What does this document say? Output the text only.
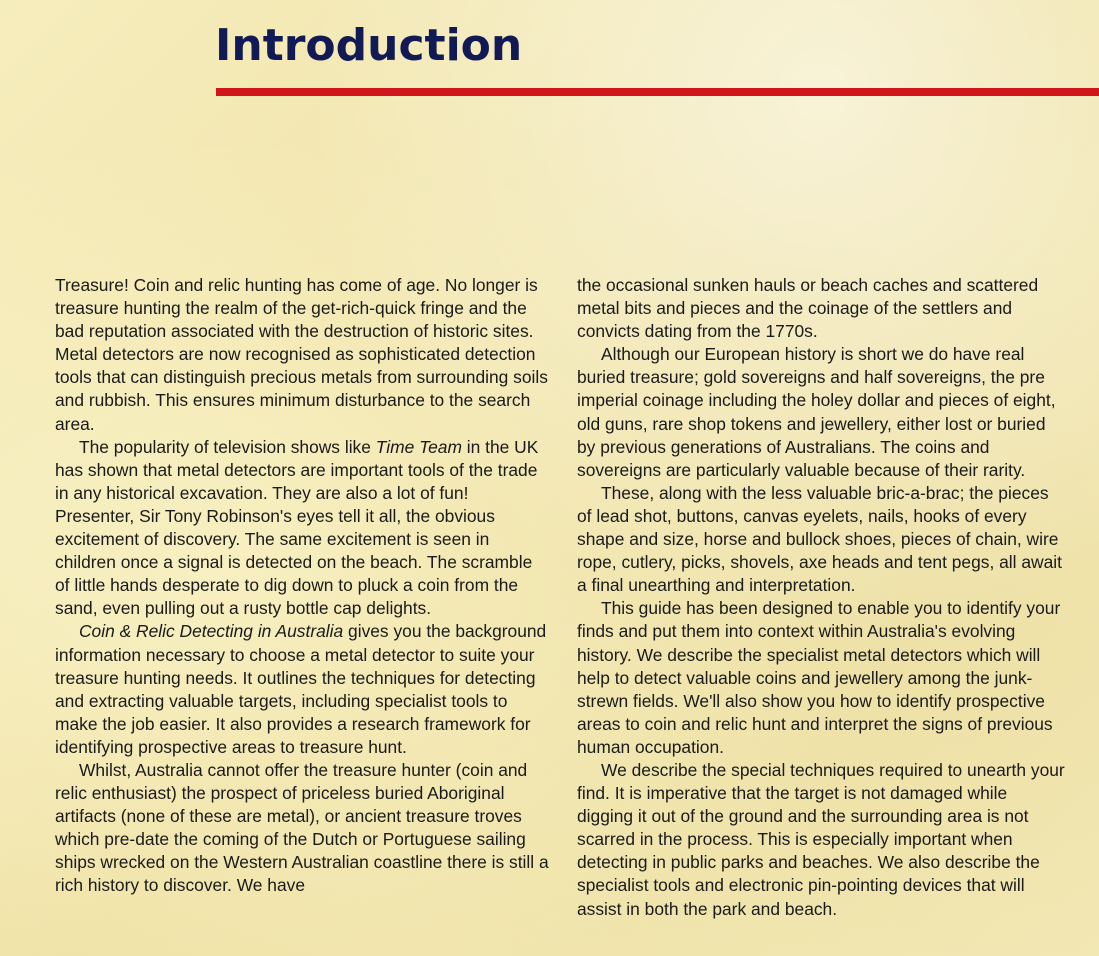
Introduction

Treasure! Coin and relic hunting has come of age. No longer is treasure hunting the realm of the get-rich-quick fringe and the bad reputation associated with the destruction of historic sites. Metal detectors are now recognised as sophisticated detection tools that can distinguish precious metals from surrounding soils and rubbish. This ensures minimum disturbance to the search area.

The popularity of television shows like Time Team in the UK has shown that metal detectors are important tools of the trade in any historical excavation. They are also a lot of fun! Presenter, Sir Tony Robinson's eyes tell it all, the obvious excitement of discovery. The same excitement is seen in children once a signal is detected on the beach. The scramble of little hands desperate to dig down to pluck a coin from the sand, even pulling out a rusty bottle cap delights.

Coin & Relic Detecting in Australia gives you the background information necessary to choose a metal detector to suite your treasure hunting needs. It outlines the techniques for detecting and extracting valuable targets, including specialist tools to make the job easier. It also provides a research framework for identifying prospective areas to treasure hunt.

Whilst, Australia cannot offer the treasure hunter (coin and relic enthusiast) the prospect of priceless buried Aboriginal artifacts (none of these are metal), or ancient treasure troves which pre-date the coming of the Dutch or Portuguese sailing ships wrecked on the Western Australian coastline there is still a rich history to discover. We have

the occasional sunken hauls or beach caches and scattered metal bits and pieces and the coinage of the settlers and convicts dating from the 1770s.

Although our European history is short we do have real buried treasure; gold sovereigns and half sovereigns, the pre imperial coinage including the holey dollar and pieces of eight, old guns, rare shop tokens and jewellery, either lost or buried by previous generations of Australians. The coins and sovereigns are particularly valuable because of their rarity.

These, along with the less valuable bric-a-brac; the pieces of lead shot, buttons, canvas eyelets, nails, hooks of every shape and size, horse and bullock shoes, pieces of chain, wire rope, cutlery, picks, shovels, axe heads and tent pegs, all await a final unearthing and interpretation.

This guide has been designed to enable you to identify your finds and put them into context within Australia's evolving history. We describe the specialist metal detectors which will help to detect valuable coins and jewellery among the junk-strewn fields. We'll also show you how to identify prospective areas to coin and relic hunt and interpret the signs of previous human occupation.

We describe the special techniques required to unearth your find. It is imperative that the target is not damaged while digging it out of the ground and the surrounding area is not scarred in the process. This is especially important when detecting in public parks and beaches. We also describe the specialist tools and electronic pin-pointing devices that will assist in both the park and beach.
